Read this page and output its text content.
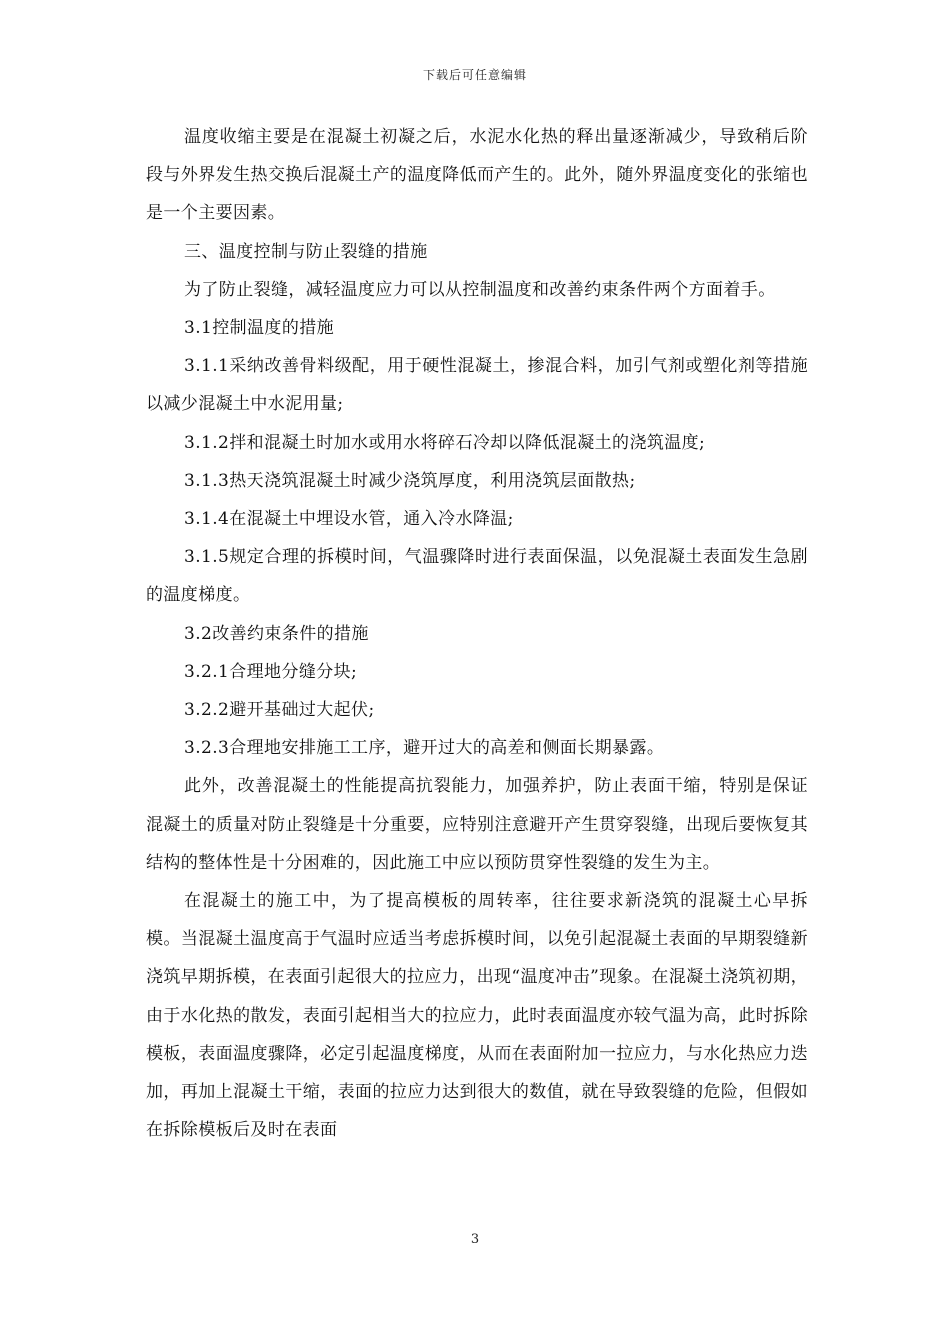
下载后可任意编辑

温度收缩主要是在混凝土初凝之后，水泥水化热的释出量逐渐减少，导致稍后阶段与外界发生热交换后混凝土产的温度降低而产生的。此外，随外界温度变化的张缩也是一个主要因素。

三、温度控制与防止裂缝的措施

为了防止裂缝，减轻温度应力可以从控制温度和改善约束条件两个方面着手。

3.1控制温度的措施

3.1.1采纳改善骨料级配，用于硬性混凝土，掺混合料，加引气剂或塑化剂等措施以减少混凝土中水泥用量;

3.1.2拌和混凝土时加水或用水将碎石冷却以降低混凝土的浇筑温度;

3.1.3热天浇筑混凝土时减少浇筑厚度，利用浇筑层面散热;

3.1.4在混凝土中埋设水管，通入冷水降温;

3.1.5规定合理的拆模时间，气温骤降时进行表面保温，以免混凝土表面发生急剧的温度梯度。

3.2改善约束条件的措施

3.2.1合理地分缝分块;

3.2.2避开基础过大起伏;

3.2.3合理地安排施工工序，避开过大的高差和侧面长期暴露。

此外，改善混凝土的性能提高抗裂能力，加强养护，防止表面干缩，特别是保证混凝土的质量对防止裂缝是十分重要，应特别注意避开产生贯穿裂缝，出现后要恢复其结构的整体性是十分困难的，因此施工中应以预防贯穿性裂缝的发生为主。

在混凝土的施工中，为了提高模板的周转率，往往要求新浇筑的混凝土心早拆模。当混凝土温度高于气温时应适当考虑拆模时间，以免引起混凝土表面的早期裂缝新浇筑早期拆模，在表面引起很大的拉应力，出现“温度冲击”现象。在混凝土浇筑初期，由于水化热的散发，表面引起相当大的拉应力，此时表面温度亦较气温为高，此时拆除模板，表面温度骤降，必定引起温度梯度，从而在表面附加一拉应力，与水化热应力迭加，再加上混凝土干缩，表面的拉应力达到很大的数值，就在导致裂缝的危险，但假如在拆除模板后及时在表面

3
